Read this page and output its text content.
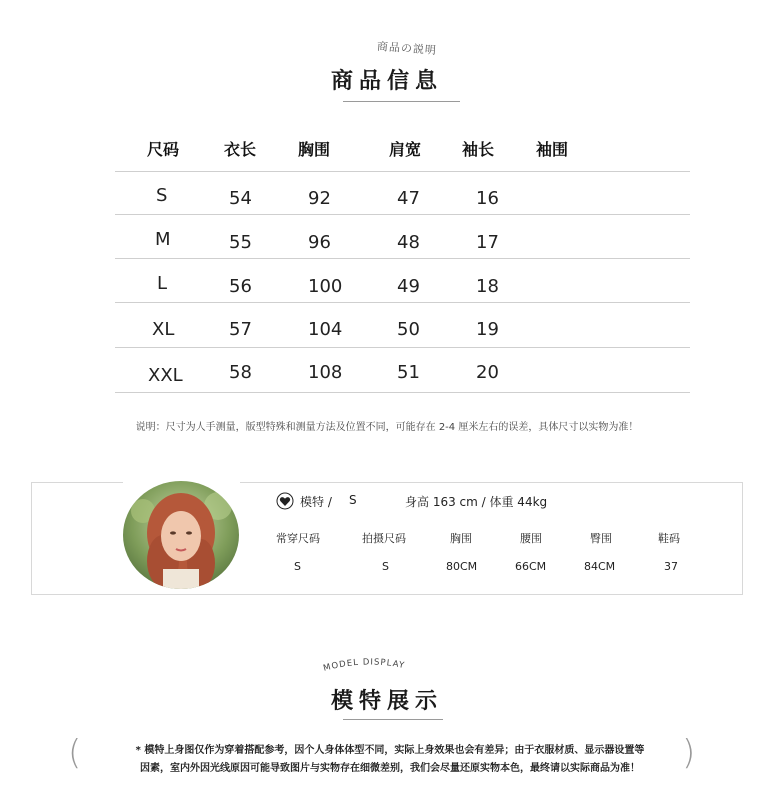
商品の説明
商品信息
尺码	衣长	胸围	肩宽	袖长	袖围
S	54	92	47	16
M	55	96	48	17
L	56	100	49	18
XL	57	104	50	19
XXL	58	108	51	20
说明：尺寸为人手测量，版型特殊和测量方法及位置不同，可能存在 2-4 厘米左右的误差，具体尺寸以实物为准！
模特 / S	身高 163 cm / 体重 44kg
常穿尺码	拍摄尺码	胸围	腰围	臀围	鞋码
S	S	80CM	66CM	84CM	37
MODEL DISPLAY
模特展示
(	)
* 模特上身图仅作为穿着搭配参考，因个人身体体型不同，实际上身效果也会有差异；由于衣服材质、显示器设置等
因素，室内外因光线原因可能导致图片与实物存在细微差别，我们会尽量还原实物本色，最终请以实际商品为准！
